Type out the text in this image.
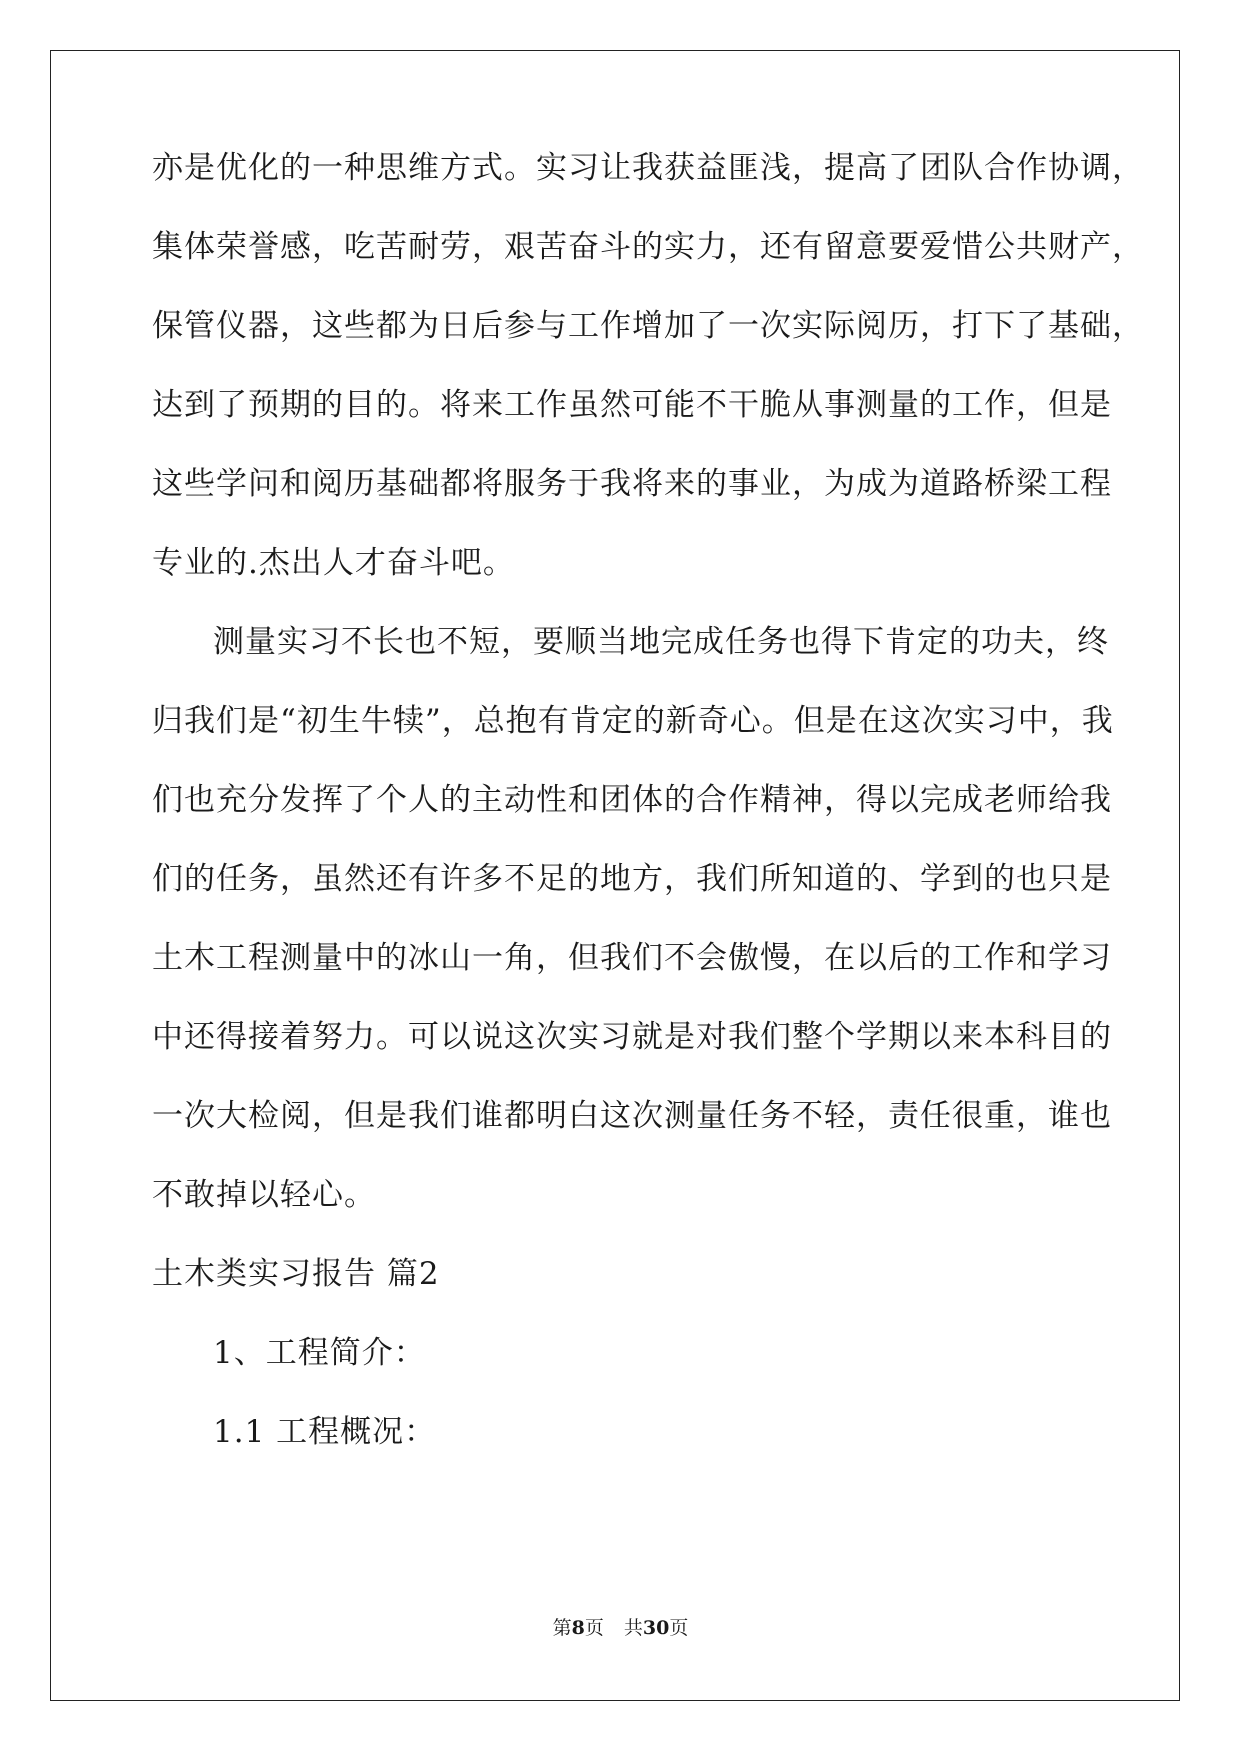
亦是优化的一种思维方式。实习让我获益匪浅，提高了团队合作协调，
集体荣誉感，吃苦耐劳，艰苦奋斗的实力，还有留意要爱惜公共财产，
保管仪器，这些都为日后参与工作增加了一次实际阅历，打下了基础，
达到了预期的目的。将来工作虽然可能不干脆从事测量的工作，但是
这些学问和阅历基础都将服务于我将来的事业，为成为道路桥梁工程
专业的.杰出人才奋斗吧。
测量实习不长也不短，要顺当地完成任务也得下肯定的功夫，终
归我们是“初生牛犊”，总抱有肯定的新奇心。但是在这次实习中，我
们也充分发挥了个人的主动性和团体的合作精神，得以完成老师给我
们的任务，虽然还有许多不足的地方，我们所知道的、学到的也只是
土木工程测量中的冰山一角，但我们不会傲慢，在以后的工作和学习
中还得接着努力。可以说这次实习就是对我们整个学期以来本科目的
一次大检阅，但是我们谁都明白这次测量任务不轻，责任很重，谁也
不敢掉以轻心。
土木类实习报告 篇2
1、工程简介：
1.1 工程概况：
第8页 共30页
